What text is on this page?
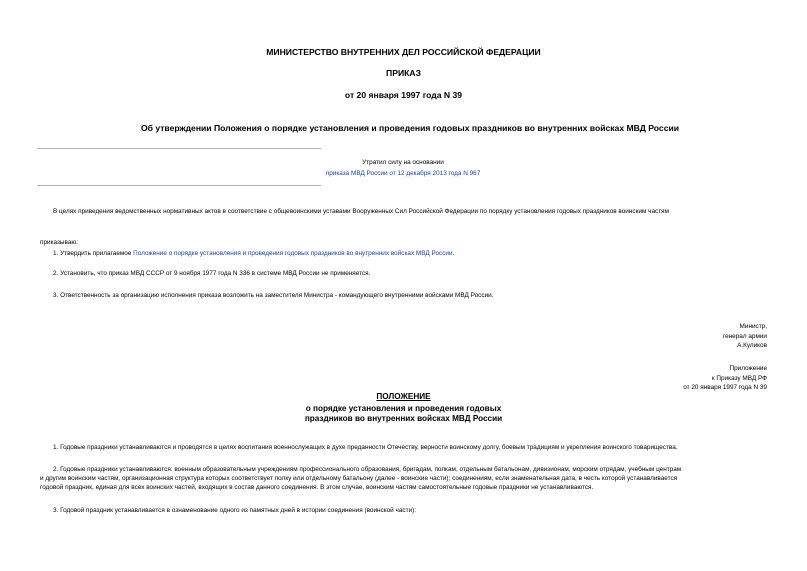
МИНИСТЕРСТВО ВНУТРЕННИХ ДЕЛ РОССИЙСКОЙ ФЕДЕРАЦИИ
ПРИКАЗ
от 20 января 1997 года N 39
Об утверждении Положения о порядке установления и проведения годовых праздников во внутренних войсках МВД России
Утратил силу на основании
приказа МВД России от 12 декабря 2013 года N 967
В целях приведения ведомственных нормативных актов в соответствие с общевоинскими уставами Вооруженных Сил Российской Федерации по порядку установления годовых праздников воинским частям
приказываю:
1. Утвердить прилагаемое Положение о порядке установления и проведения годовых праздников во внутренних войсках МВД России.
2. Установить, что приказ МВД СССР от 9 ноября 1977 года N 336 в системе МВД России не применяется.
3. Ответственность за организацию исполнения приказа возложить на заместителя Министра - командующего внутренними войсками МВД России.
Министр,
генерал армии
А.Куликов
Приложение
к Приказу МВД РФ
от 20 января 1997 года N 39
ПОЛОЖЕНИЕ
о порядке установления и проведения годовых
праздников во внутренних войсках МВД России
1. Годовые праздники устанавливаются и проводятся в целях воспитания военнослужащих в духе преданности Отечеству, верности воинскому долгу, боевым традициям и укрепления воинского товарищества.
2. Годовые праздники устанавливаются: военным образовательным учреждениям профессионального образования, бригадам, полкам, отдельным батальонам, дивизионам, морским отрядам, учебным центрам
и другим воинским частям, организационная структура которых соответствует полку или отдельному батальону (далее - воинские части); соединениям, если знаменательная дата, в честь которой устанавливается
годовой праздник, единая для всех воинских частей, входящих в состав данного соединения. В этом случае, воинским частям самостоятельные годовые праздники не устанавливаются.
3. Годовой праздник устанавливается в ознаменование одного из памятных дней в истории соединения (воинской части):
